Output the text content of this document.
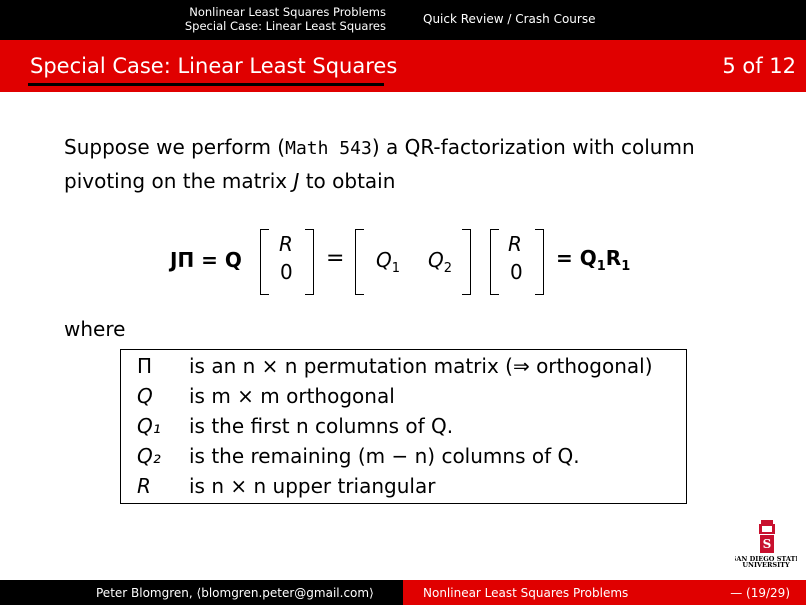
Nonlinear Least Squares Problems
Special Case: Linear Least Squares	Quick Review / Crash Course
Special Case: Linear Least Squares	5 of 12
Suppose we perform (Math 543) a QR-factorization with column pivoting on the matrix J to obtain
JΠ = Q
R
0
= $Q_1$ $Q_2$
R
0
= $Q_1R_1$
where
Π is an n × n permutation matrix (⇒ orthogonal)
Q is m × m orthogonal
Q₁ is the first n columns of Q.
Q₂ is the remaining (m − n) columns of Q.
R is n × n upper triangular
S
SAN DIEGO STATE
UNIVERSITY
Peter Blomgren, ⟨blomgren.peter@gmail.com⟩	Nonlinear Least Squares Problems	— (19/29)
